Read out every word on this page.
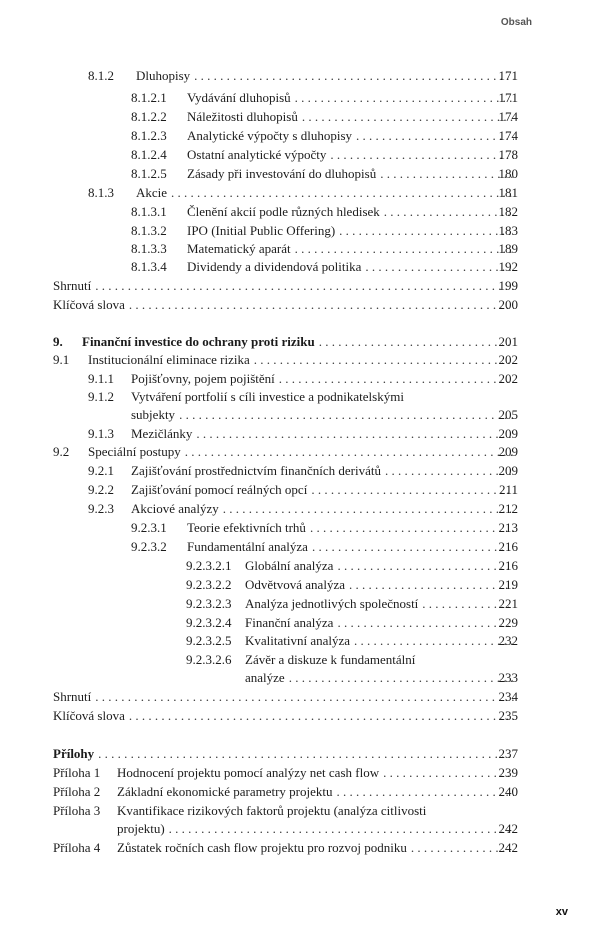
Obsah
8.1.2 Dluhopisy . . .	171
8.1.2.1 Vydávání dluhopisů . . .	171
8.1.2.2 Náležitosti dluhopisů . . .	174
8.1.2.3 Analytické výpočty s dluhopisy . . .	174
8.1.2.4 Ostatní analytické výpočty . . .	178
8.1.2.5 Zásady při investování do dluhopisů . . .	180
8.1.3 Akcie . . .	181
8.1.3.1 Členění akcií podle různých hledisek . . .	182
8.1.3.2 IPO (Initial Public Offering) . . .	183
8.1.3.3 Matematický aparát . . .	189
8.1.3.4 Dividendy a dividendová politika . . .	192
Shrnutí . . .	199
Klíčová slova . . .	200
9. Finanční investice do ochrany proti riziku . . .	201
9.1 Institucionální eliminace rizika . . .	202
9.1.1 Pojišťovny, pojem pojištění . . .	202
9.1.2 Vytváření portfolií s cíli investice a podnikatelskými
subjekty . . .	205
9.1.3 Mezičlánky . . .	209
9.2 Speciální postupy . . .	209
9.2.1 Zajišťování prostřednictvím finančních derivátů . . .	209
9.2.2 Zajišťování pomocí reálných opcí . . .	211
9.2.3 Akciové analýzy . . .	212
9.2.3.1 Teorie efektivních trhů . . .	213
9.2.3.2 Fundamentální analýza . . .	216
9.2.3.2.1 Globální analýza . . .	216
9.2.3.2.2 Odvětvová analýza . . .	219
9.2.3.2.3 Analýza jednotlivých společností . . .	221
9.2.3.2.4 Finanční analýza . . .	229
9.2.3.2.5 Kvalitativní analýza . . .	232
9.2.3.2.6 Závěr a diskuze k fundamentální
analýze . . .	233
Shrnutí . . .	234
Klíčová slova . . .	235
Přílohy . . .	237
Příloha 1 Hodnocení projektu pomocí analýzy net cash flow . . .	239
Příloha 2 Základní ekonomické parametry projektu . . .	240
Příloha 3 Kvantifikace rizikových faktorů projektu (analýza citlivosti
projektu) . . .	242
Příloha 4 Zůstatek ročních cash flow projektu pro rozvoj podniku . . .	242
xv
